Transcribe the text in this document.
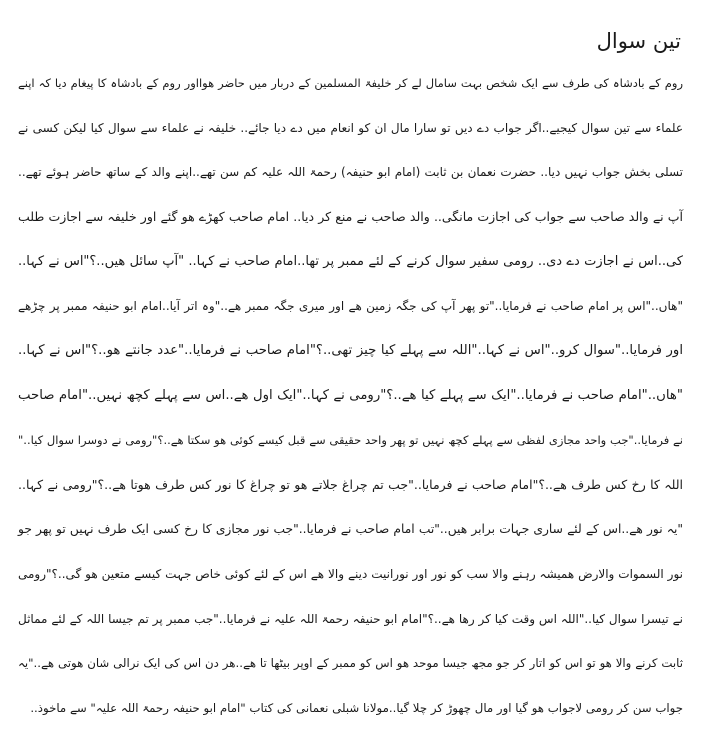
تین سوال
روم کے بادشاہ کی طرف سے ایک شخص بہت سامال لے کر خلیفۃ المسلمین کے دربار میں حاضر ھوااور روم کے بادشاہ کا پیغام دیا کہ اپنے
علماء سے تین سوال کیجیے..اگر جواب دے دیں تو سارا مال ان کو انعام میں دے دیا جائے.. خلیفہ نے علماء سے سوال کیا لیکن کسی نے
تسلی بخش جواب نہیں دیا.. حضرت نعمان بن ثابت (امام ابو حنیفہ) رحمۃ اللہ علیہ کم سن تھے..اپنے والد کے ساتھ حاضر ہوئے تھے..
آپ نے والد صاحب سے جواب کی اجازت مانگی.. والد صاحب نے منع کر دیا.. امام صاحب کھڑے ھو گئے اور خلیفہ سے اجازت طلب
کی..اس نے اجازت دے دی.. رومی سفیر سوال کرنے کے لئے ممبر پر تھا..امام صاحب نے کہا.. "آپ سائل ھیں..؟"اس نے کہا..
"ھاں.."اس پر امام صاحب نے فرمایا.."تو پھر آپ کی جگہ زمین ھے اور میری جگہ ممبر ھے.."وہ اتر آیا..امام ابو حنیفہ ممبر پر چڑھے
اور فرمایا.."سوال کرو.."اس نے کہا.."اللہ سے پہلے کیا چیز تھی..؟"امام صاحب نے فرمایا.."عدد جانتے ھو..؟"اس نے کہا..
"ھاں.."امام صاحب نے فرمایا.."ایک سے پہلے کیا ھے..؟"رومی نے کہا.."ایک اول ھے..اس سے پہلے کچھ نہیں.."امام صاحب
نے فرمایا.."جب واحد مجازی لفظی سے پہلے کچھ نہیں تو پھر واحد حقیقی سے قبل کیسے کوئی ھو سکتا ھے..؟"رومی نے دوسرا سوال کیا.."
اللہ کا رخ کس طرف ھے..؟"امام صاحب نے فرمایا.."جب تم چراغ جلاتے ھو تو چراغ کا نور کس طرف ھوتا ھے..؟"رومی نے کہا..
"یہ نور ھے..اس کے لئے ساری جہات برابر ھیں.."تب امام صاحب نے فرمایا.."جب نور مجازی کا رخ کسی ایک طرف نہیں تو پھر جو
نور السموات والارض ھمیشہ رہنے والا سب کو نور اور نورانیت دینے والا ھے اس کے لئے کوئی خاص جہت کیسے متعین ھو گی..؟"رومی
نے تیسرا سوال کیا.."اللہ اس وقت کیا کر رھا ھے..؟"امام ابو حنیفہ رحمۃ اللہ علیہ نے فرمایا.."جب ممبر پر تم جیسا اللہ کے لئے مماثل
ثابت کرنے والا ھو تو اس کو اتار کر جو مجھ جیسا موحد ھو اس کو ممبر کے اوپر بیٹھا تا ھے..ھر دن اس کی ایک نرالی شان ھوتی ھے.."یہ
جواب سن کر رومی لاجواب ھو گیا اور مال چھوڑ کر چلا گیا..مولانا شبلی نعمانی کی کتاب "امام ابو حنیفہ رحمۃ اللہ علیہ" سے ماخوذ..
